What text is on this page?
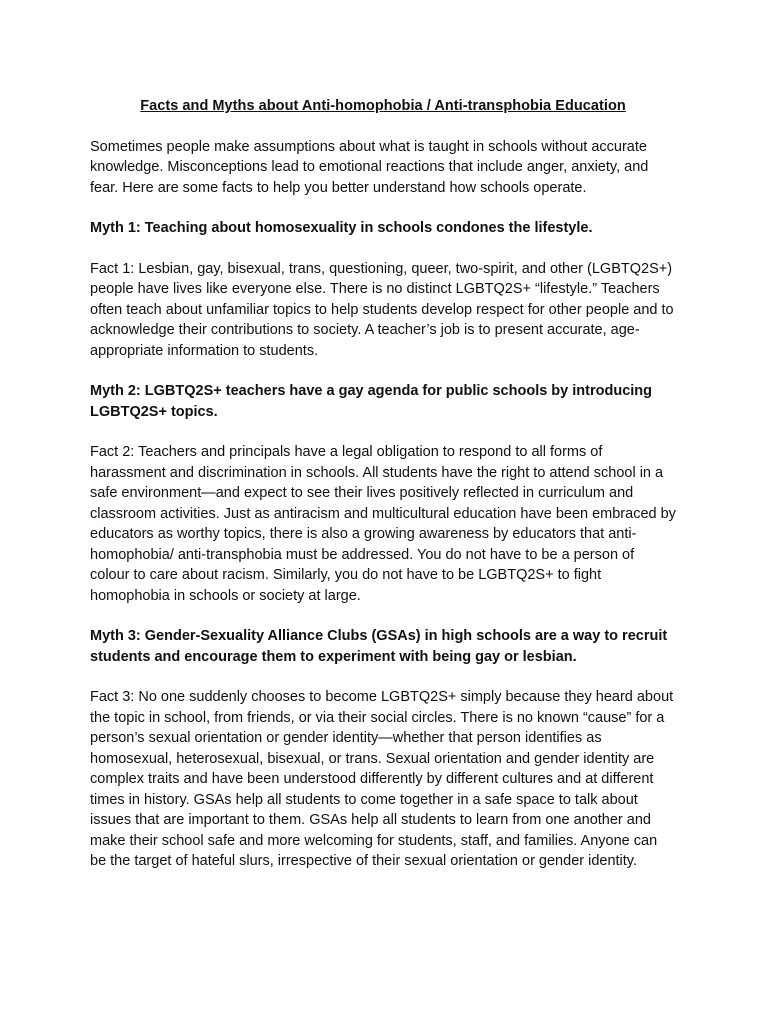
Facts and Myths about Anti-homophobia / Anti-transphobia Education

Sometimes people make assumptions about what is taught in schools without accurate knowledge. Misconceptions lead to emotional reactions that include anger, anxiety, and fear. Here are some facts to help you better understand how schools operate.

Myth 1: Teaching about homosexuality in schools condones the lifestyle.

Fact 1: Lesbian, gay, bisexual, trans, questioning, queer, two-spirit, and other (LGBTQ2S+) people have lives like everyone else. There is no distinct LGBTQ2S+ “lifestyle.” Teachers often teach about unfamiliar topics to help students develop respect for other people and to acknowledge their contributions to society. A teacher’s job is to present accurate, age-appropriate information to students.

Myth 2: LGBTQ2S+ teachers have a gay agenda for public schools by introducing LGBTQ2S+ topics.

Fact 2: Teachers and principals have a legal obligation to respond to all forms of harassment and discrimination in schools. All students have the right to attend school in a safe environment—and expect to see their lives positively reflected in curriculum and classroom activities. Just as antiracism and multicultural education have been embraced by educators as worthy topics, there is also a growing awareness by educators that anti-homophobia/ anti-transphobia must be addressed. You do not have to be a person of colour to care about racism. Similarly, you do not have to be LGBTQ2S+ to fight homophobia in schools or society at large.

Myth 3: Gender-Sexuality Alliance Clubs (GSAs) in high schools are a way to recruit students and encourage them to experiment with being gay or lesbian.

Fact 3: No one suddenly chooses to become LGBTQ2S+ simply because they heard about the topic in school, from friends, or via their social circles. There is no known “cause” for a person’s sexual orientation or gender identity—whether that person identifies as homosexual, heterosexual, bisexual, or trans. Sexual orientation and gender identity are complex traits and have been understood differently by different cultures and at different times in history. GSAs help all students to come together in a safe space to talk about issues that are important to them. GSAs help all students to learn from one another and make their school safe and more welcoming for students, staff, and families. Anyone can be the target of hateful slurs, irrespective of their sexual orientation or gender identity.
